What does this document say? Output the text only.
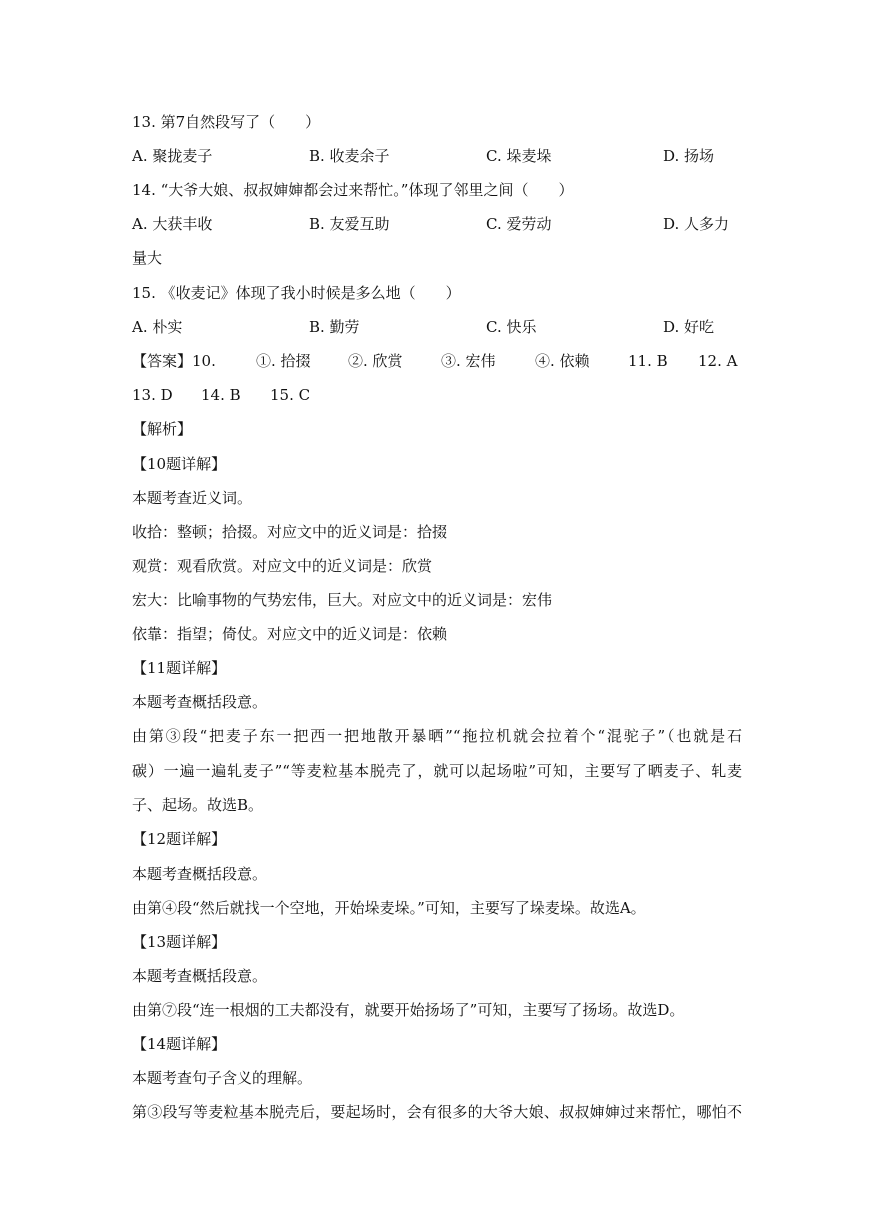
13. 第7自然段写了（　　）
A. 聚拢麦子	B. 收麦余子	C. 垛麦垛	D. 扬场
14. “大爷大娘、叔叔婶婶都会过来帮忙。”体现了邻里之间（　　）
A. 大获丰收	B. 友爱互助	C. 爱劳动	D. 人多力
量大
15. 《收麦记》体现了我小时候是多么地（　　）
A. 朴实	B. 勤劳	C. 快乐	D. 好吃
【答案】10.	①. 拾掇 ②. 欣赏	③. 宏伟	④. 依赖	11. B 12. A
13. D 14. B 15. C
【解析】
【10题详解】
本题考查近义词。
收拾：整顿；拾掇。对应文中的近义词是：拾掇
观赏：观看欣赏。对应文中的近义词是：欣赏
宏大：比喻事物的气势宏伟，巨大。对应文中的近义词是：宏伟
依靠：指望；倚仗。对应文中的近义词是：依赖
【11题详解】
本题考查概括段意。
由第③段“把麦子东一把西一把地散开暴晒”“拖拉机就会拉着个“混驼子”（也就是石
碳）一遍一遍轧麦子”“等麦粒基本脱壳了，就可以起场啦”可知，主要写了晒麦子、轧麦
子、起场。故选B。
【12题详解】
本题考查概括段意。
由第④段“然后就找一个空地，开始垛麦垛。”可知，主要写了垛麦垛。故选A。
【13题详解】
本题考查概括段意。
由第⑦段“连一根烟的工夫都没有，就要开始扬场了”可知，主要写了扬场。故选D。
【14题详解】
本题考查句子含义的理解。
第③段写等麦粒基本脱壳后，要起场时，会有很多的大爷大娘、叔叔婶婶过来帮忙，哪怕不
